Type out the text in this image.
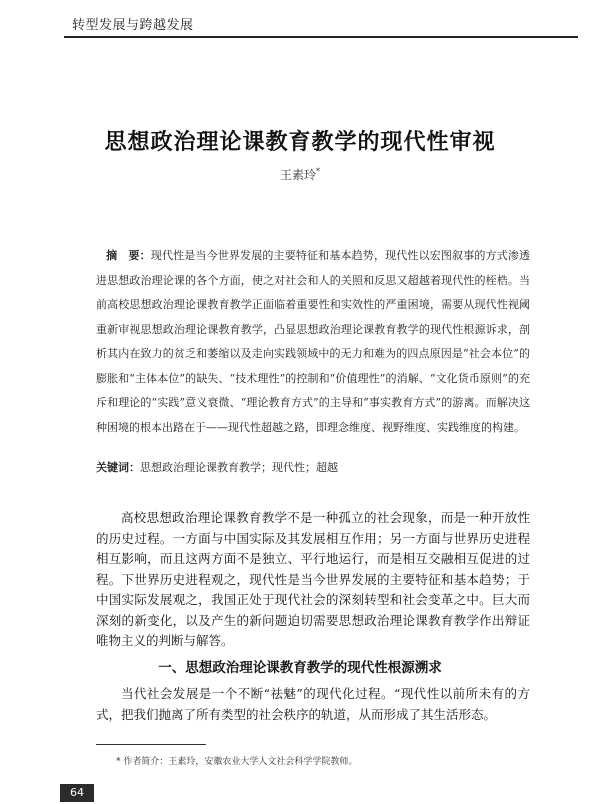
转型发展与跨越发展
思想政治理论课教育教学的现代性审视
王素玲*
摘　要：现代性是当今世界发展的主要特征和基本趋势，现代性以宏图叙事的方式渗透进思想政治理论课的各个方面，使之对社会和人的关照和反思又超越着现代性的桎梏。当前高校思想政治理论课教育教学正面临着重要性和实效性的严重困境，需要从现代性视阈重新审视思想政治理论课教育教学，凸显思想政治理论课教育教学的现代性根源诉求，剖析其内在致力的贫乏和萎缩以及走向实践领域中的无力和难为的四点原因是“社会本位”的膨胀和“主体本位”的缺失、“技术理性”的控制和“价值理性”的消解、“文化货币原则”的充斥和理论的“实践”意义衰微、“理论教育方式”的主导和“事实教育方式”的游离。而解决这种困境的根本出路在于——现代性超越之路，即理念维度、视野维度、实践维度的构建。
关键词：思想政治理论课教育教学；现代性；超越
高校思想政治理论课教育教学不是一种孤立的社会现象，而是一种开放性的历史过程。一方面与中国实际及其发展相互作用；另一方面与世界历史进程相互影响，而且这两方面不是独立、平行地运行，而是相互交融相互促进的过程。下世界历史进程观之，现代性是当今世界发展的主要特征和基本趋势；于中国实际发展观之，我国正处于现代社会的深刻转型和社会变革之中。巨大而深刻的新变化，以及产生的新问题迫切需要思想政治理论课教育教学作出辩证唯物主义的判断与解答。
一、思想政治理论课教育教学的现代性根源溯求
当代社会发展是一个不断“祛魅”的现代化过程。“现代性以前所未有的方式，把我们抛离了所有类型的社会秩序的轨道，从而形成了其生活形态。
* 作者简介：王素玲，安徽农业大学人文社会科学学院教师。
64
